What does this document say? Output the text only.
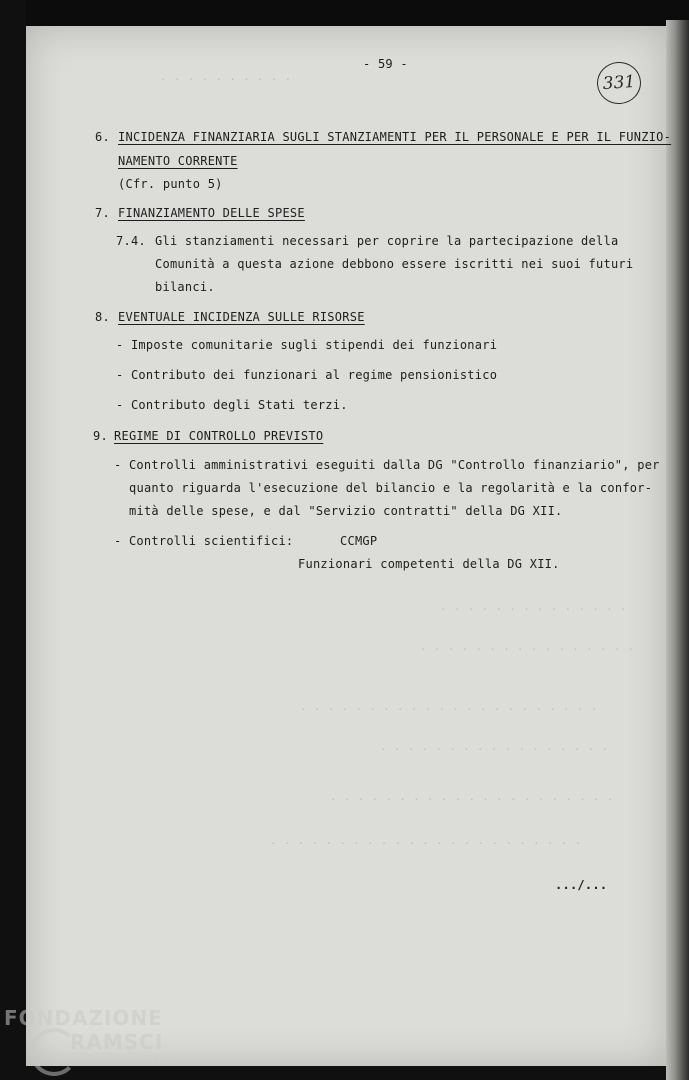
. . . . . . . . . .
. . . . . . . . . . . . . .
. . . . . . . . . . . . . . . .
. . . . . . . . . . . . . . . . . . . . . .
. . . . . . . . . . . . . . . . .
. . . . . . . . . . . . . . . . . . . . .
. . . . . . . . . . . . . . . . . . . . . . .
- 59 -
331
6. INCIDENZA FINANZIARIA SUGLI STANZIAMENTI PER IL PERSONALE E PER IL FUNZIO-
NAMENTO CORRENTE
(Cfr. punto 5)
7. FINANZIAMENTO DELLE SPESE
7.4. Gli stanziamenti necessari per coprire la partecipazione della
Comunità a questa azione debbono essere iscritti nei suoi futuri
bilanci.
8. EVENTUALE INCIDENZA SULLE RISORSE
- Imposte comunitarie sugli stipendi dei funzionari
- Contributo dei funzionari al regime pensionistico
- Contributo degli Stati terzi.
9. REGIME DI CONTROLLO PREVISTO
- Controlli amministrativi eseguiti dalla DG "Controllo finanziario", per
quanto riguarda l'esecuzione del bilancio e la regolarità e la confor-
mità delle spese, e dal "Servizio contratti" della DG XII.
- Controlli scientifici:	CCMGP
Funzionari competenti della DG XII.
.../...
FONDAZIONE
RAMSCI
onlus
